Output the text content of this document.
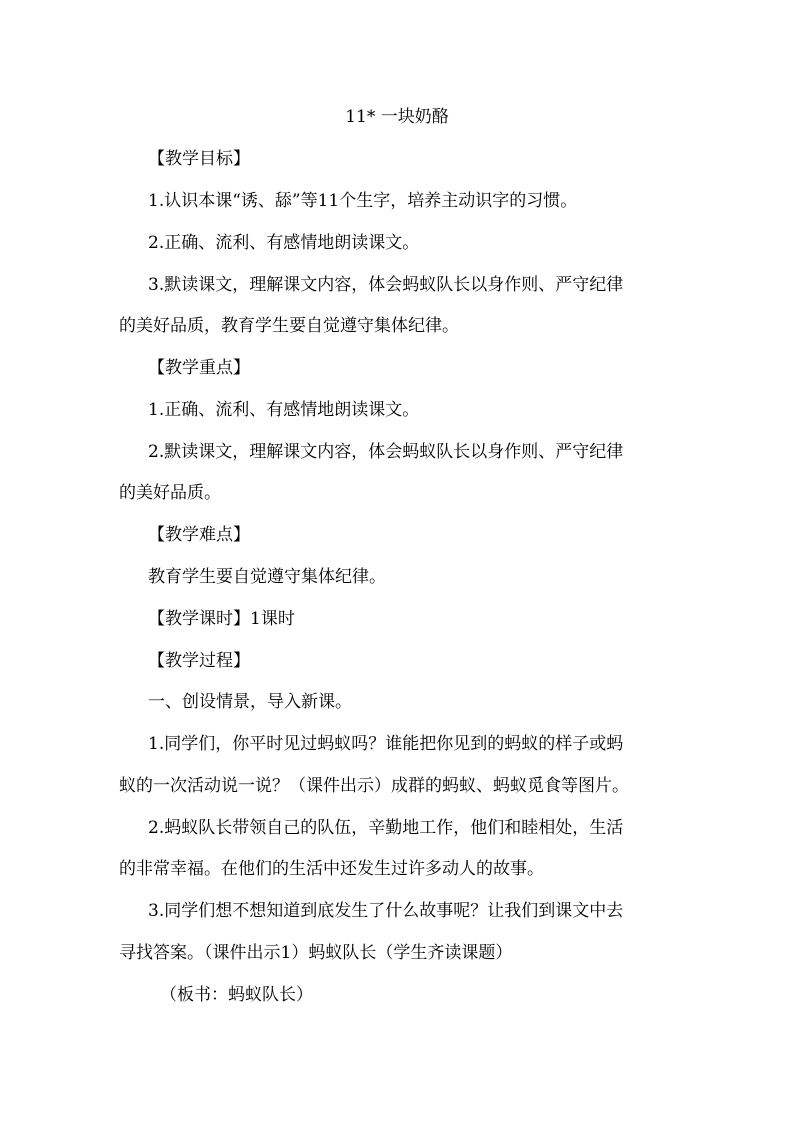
11* 一块奶酪
【教学目标】
1.认识本课“诱、舔”等11个生字，培养主动识字的习惯。
2.正确、流利、有感情地朗读课文。
3.默读课文，理解课文内容，体会蚂蚁队长以身作则、严守纪律
的美好品质，教育学生要自觉遵守集体纪律。
【教学重点】
1.正确、流利、有感情地朗读课文。
2.默读课文，理解课文内容，体会蚂蚁队长以身作则、严守纪律
的美好品质。
【教学难点】
教育学生要自觉遵守集体纪律。
【教学课时】1课时
【教学过程】
一、创设情景，导入新课。
1.同学们，你平时见过蚂蚁吗？谁能把你见到的蚂蚁的样子或蚂
蚁的一次活动说一说？（课件出示）成群的蚂蚁、蚂蚁觅食等图片。
2.蚂蚁队长带领自己的队伍，辛勤地工作，他们和睦相处，生活
的非常幸福。在他们的生活中还发生过许多动人的故事。
3.同学们想不想知道到底发生了什么故事呢？让我们到课文中去
寻找答案。（课件出示1）蚂蚁队长（学生齐读课题）
（板书：蚂蚁队长）
